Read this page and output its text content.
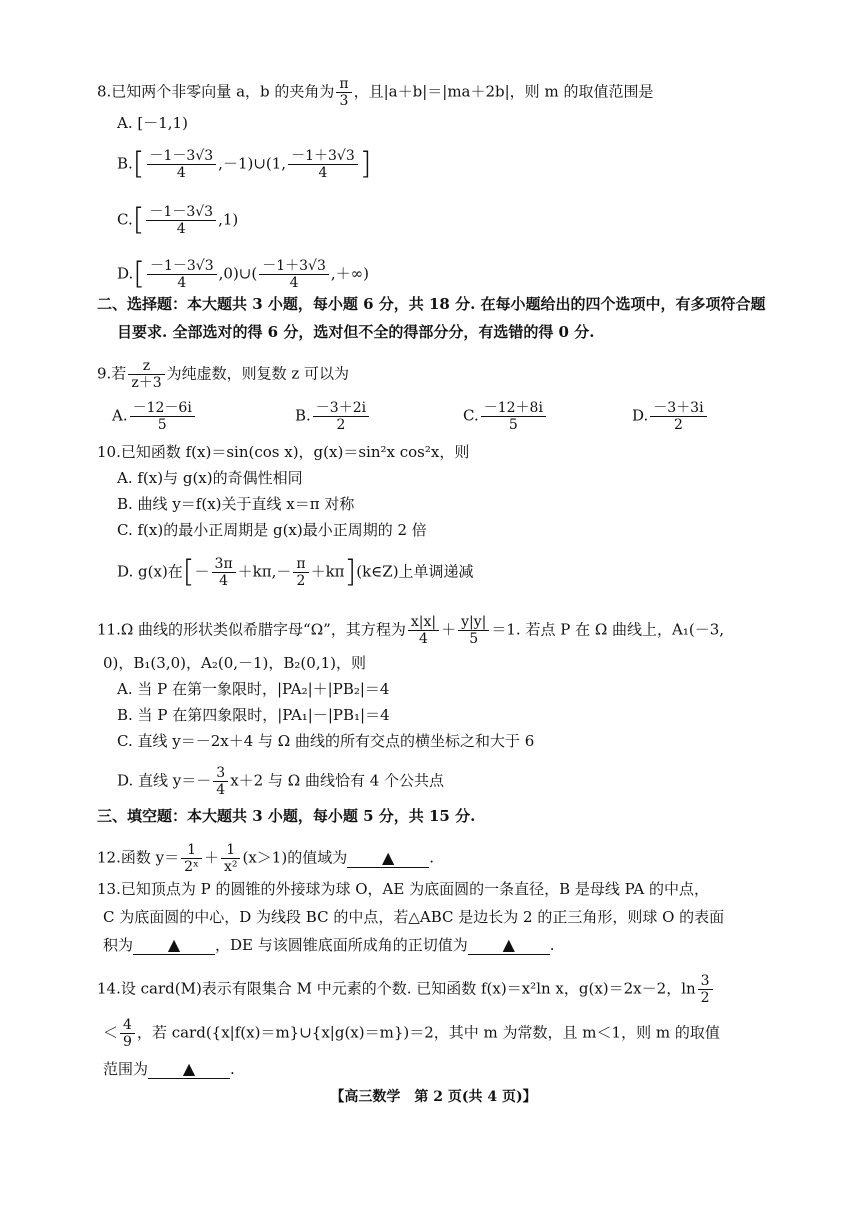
8.已知两个非零向量 a，b 的夹角为 $\frac{\pi}{3}$ ，且|a＋b|＝|ma＋2b|，则 m 的取值范围是
A. [－1,1)
$B.[ \frac{-1-3√3}{4}$ ,－1)∪(1, $\frac{-1+3√3}{4}$ ]
$C.[ \frac{-1-3√3}{4} ,1)$
$D.[ \frac{-1-3√3}{4}$ ,0)∪( $\frac{-1+3√3}{4}$ ,＋∞)
二、选择题：本大题共 3 小题，每小题 6 分，共 18 分. 在每小题给出的四个选项中，有多项符合题
目要求. 全部选对的得 6 分，选对但不全的得部分分，有选错的得 0 分.
9.若 $\frac{z}{z+3}$ 为纯虚数，则复数 z 可以为
A. $\frac{-12-6i}{5}$	B. $\frac{-3+2i}{2}$	C. $\frac{-12+8i}{5}$	D. $\frac{-3+3i}{2}$
10.已知函数 f(x)＝sin(cos x)，g(x)＝sin²x cos²x，则
A. f(x)与 g(x)的奇偶性相同
B. 曲线 y＝f(x)关于直线 x＝π 对称
C. f(x)的最小正周期是 g(x)最小正周期的 2 倍
D. g(x)在[－ $\frac{3\pi}{4} +k\pi,- \frac{\pi}{2}$ ＋kπ](k∈Z)上单调递减
11.Ω 曲线的形状类似希腊字母“Ω”，其方程为 $\frac{x|x|}{4} + \frac{y|y|}{5} =1$. 若点 P 在 Ω 曲线上，A₁(－3,
0)，B₁(3,0)，A₂(0,－1)，B₂(0,1)，则
A. 当 P 在第一象限时，|PA₂|＋|PB₂|＝4
B. 当 P 在第四象限时，|PA₁|－|PB₁|＝4
C. 直线 y＝－2x＋4 与 Ω 曲线的所有交点的横坐标之和大于 6
D. 直线 $y=- \frac{3}{4} x+2$ 与 Ω 曲线恰有 4 个公共点
三、填空题：本大题共 3 小题，每小题 5 分，共 15 分.
12.函数 $y= \frac{1}{\text{2ˣ}} + \frac{1}{\text{x²}} (x>1)$的值域为 ▲ .
13.已知顶点为 P 的圆锥的外接球为球 O，AE 为底面圆的一条直径，B 是母线 PA 的中点，
C 为底面圆的中心，D 为线段 BC 的中点，若△ABC 是边长为 2 的正三角形，则球 O 的表面
积为 ▲ ，DE 与该圆锥底面所成角的正切值为 ▲ .
14.设 card(M)表示有限集合 M 中元素的个数. 已知函数 f(x)＝x²ln x，g(x)＝2x－2，$\ln \frac{3}{2}$
＜ $\frac{4}{9}$ ，若 card({x|f(x)＝m}∪{x|g(x)＝m})＝2，其中 m 为常数，且 m＜1，则 m 的取值
范围为 ▲ .
【高三数学　第 2 页(共 4 页)】
